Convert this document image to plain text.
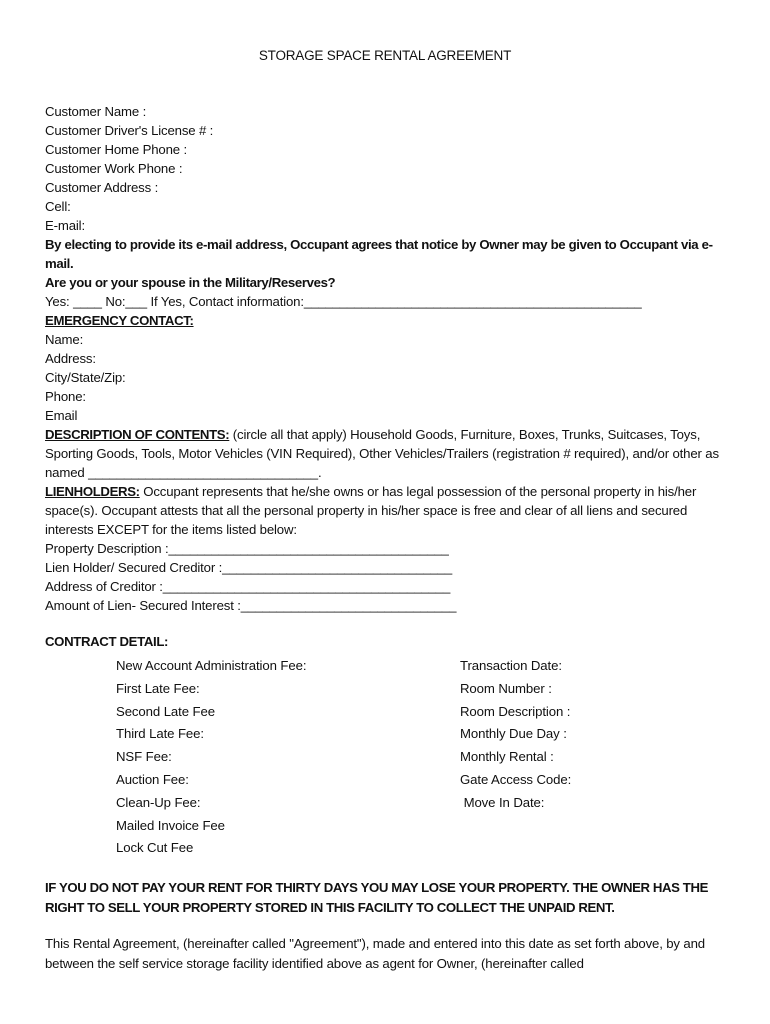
STORAGE SPACE RENTAL AGREEMENT
Customer Name :
Customer Driver's License # :
Customer Home Phone :
Customer Work Phone :
Customer Address :
Cell:
E-mail:
By electing to provide its e-mail address, Occupant agrees that notice by Owner may be given to Occupant via e-mail.
Are you or your spouse in the Military/Reserves?
Yes: ____ No:___ If Yes, Contact information:_______________________________________________
EMERGENCY CONTACT:
Name:
Address:
City/State/Zip:
Phone:
Email
DESCRIPTION OF CONTENTS: (circle all that apply) Household Goods, Furniture, Boxes, Trunks, Suitcases, Toys, Sporting Goods, Tools, Motor Vehicles (VIN Required), Other Vehicles/Trailers (registration # required), and/or other as named ________________________________.
LIENHOLDERS: Occupant represents that he/she owns or has legal possession of the personal property in his/her space(s). Occupant attests that all the personal property in his/her space is free and clear of all liens and secured interests EXCEPT for the items listed below:
Property Description :_______________________________________
Lien Holder/ Secured Creditor :________________________________
Address of Creditor :________________________________________
Amount of Lien- Secured Interest :______________________________
CONTRACT DETAIL:
New Account Administration Fee:
First Late Fee:
Second Late Fee
Third Late Fee:
NSF Fee:
Auction Fee:
Clean-Up Fee:
Mailed Invoice Fee
Lock Cut Fee
Transaction Date:
Room Number :
Room Description :
Monthly Due Day :
Monthly Rental :
Gate Access Code:
Move In Date:
IF YOU DO NOT PAY YOUR RENT FOR THIRTY DAYS YOU MAY LOSE YOUR PROPERTY. THE OWNER HAS THE RIGHT TO SELL YOUR PROPERTY STORED IN THIS FACILITY TO COLLECT THE UNPAID RENT.
This Rental Agreement, (hereinafter called "Agreement"), made and entered into this date as set forth above, by and between the self service storage facility identified above as agent for Owner, (hereinafter called
